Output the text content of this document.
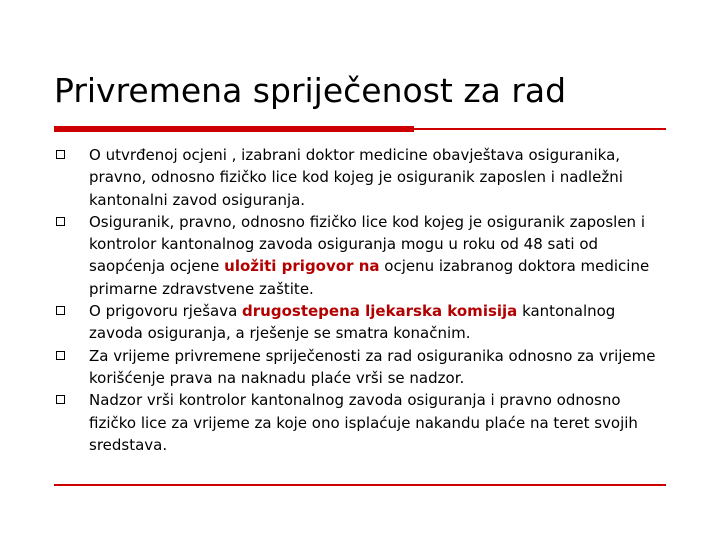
Privremena spriječenost za rad
O utvrđenoj ocjeni , izabrani doktor medicine obavještava osiguranika, pravno, odnosno fizičko lice kod kojeg je osiguranik zaposlen i nadležni kantonalni zavod osiguranja.
Osiguranik, pravno, odnosno fizičko lice kod kojeg je osiguranik zaposlen i kontrolor kantonalnog zavoda osiguranja mogu u roku od 48 sati od saopćenja ocjene uložiti prigovor na ocjenu izabranog doktora medicine primarne zdravstvene zaštite.
O prigovoru rješava drugostepena ljekarska komisija kantonalnog zavoda osiguranja, a rješenje se smatra konačnim.
Za vrijeme privremene spriječenosti za rad osiguranika odnosno za vrijeme korišćenje prava na naknadu plaće vrši se nadzor.
Nadzor vrši kontrolor kantonalnog zavoda osiguranja i pravno odnosno fizičko lice za vrijeme za koje ono isplaćuje nakandu plaće na teret svojih sredstava.
